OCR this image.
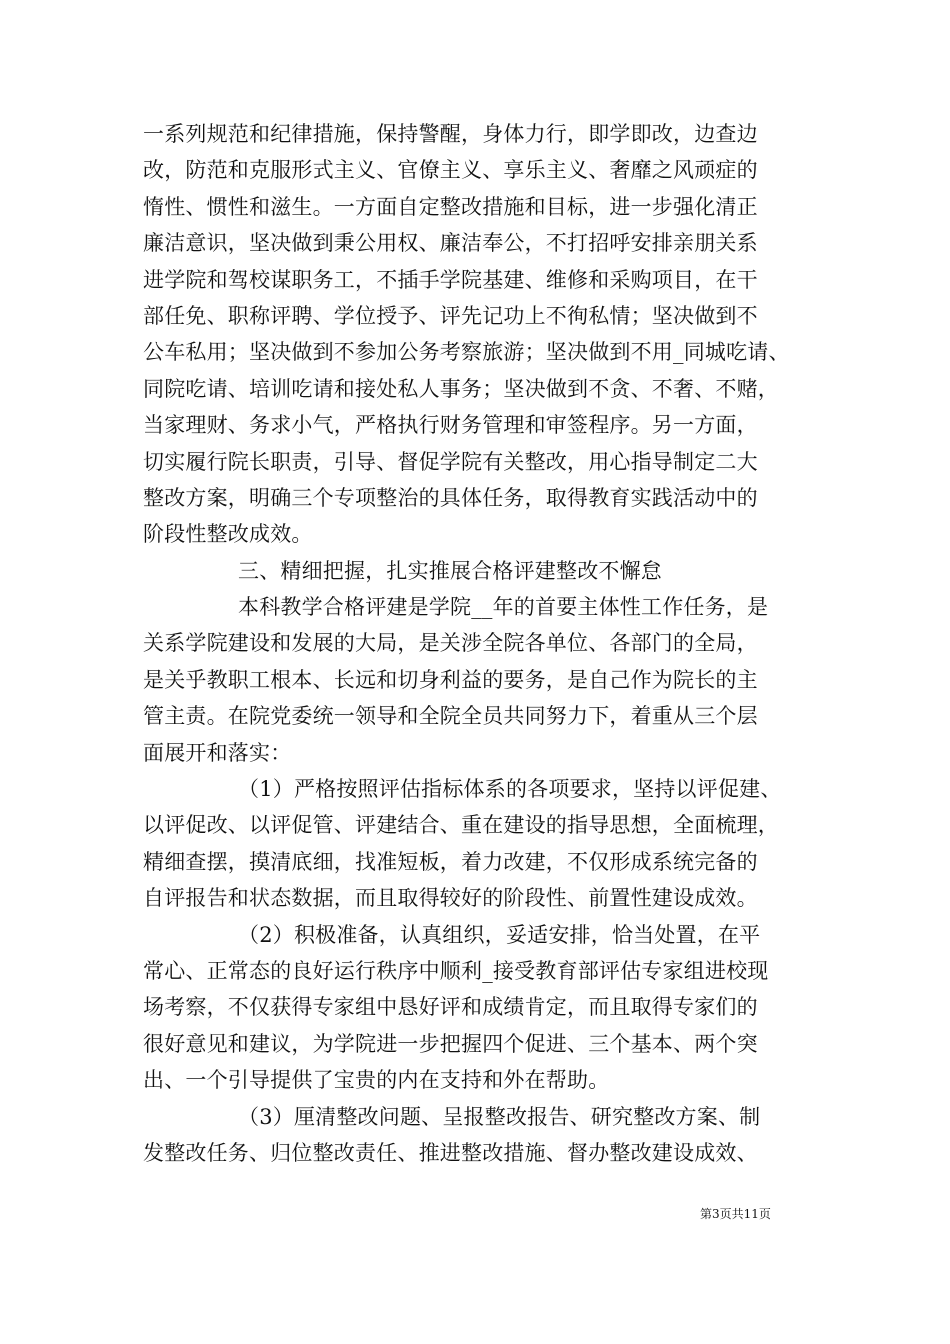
一系列规范和纪律措施，保持警醒，身体力行，即学即改，边查边
改，防范和克服形式主义、官僚主义、享乐主义、奢靡之风顽症的
惰性、惯性和滋生。一方面自定整改措施和目标，进一步强化清正
廉洁意识，坚决做到秉公用权、廉洁奉公，不打招呼安排亲朋关系
进学院和驾校谋职务工，不插手学院基建、维修和采购项目，在干
部任免、职称评聘、学位授予、评先记功上不徇私情；坚决做到不
公车私用；坚决做到不参加公务考察旅游；坚决做到不用_同城吃请、
同院吃请、培训吃请和接处私人事务；坚决做到不贪、不奢、不赌，
当家理财、务求小气，严格执行财务管理和审签程序。另一方面，
切实履行院长职责，引导、督促学院有关整改，用心指导制定二大
整改方案，明确三个专项整治的具体任务，取得教育实践活动中的
阶段性整改成效。
三、精细把握，扎实推展合格评建整改不懈怠
本科教学合格评建是学院__年的首要主体性工作任务，是
关系学院建设和发展的大局，是关涉全院各单位、各部门的全局，
是关乎教职工根本、长远和切身利益的要务，是自己作为院长的主
管主责。在院党委统一领导和全院全员共同努力下，着重从三个层
面展开和落实：
（1）严格按照评估指标体系的各项要求，坚持以评促建、
以评促改、以评促管、评建结合、重在建设的指导思想，全面梳理，
精细查摆，摸清底细，找准短板，着力改建，不仅形成系统完备的
自评报告和状态数据，而且取得较好的阶段性、前置性建设成效。
（2）积极准备，认真组织，妥适安排，恰当处置，在平
常心、正常态的良好运行秩序中顺利_接受教育部评估专家组进校现
场考察，不仅获得专家组中恳好评和成绩肯定，而且取得专家们的
很好意见和建议，为学院进一步把握四个促进、三个基本、两个突
出、一个引导提供了宝贵的内在支持和外在帮助。
（3）厘清整改问题、呈报整改报告、研究整改方案、制
发整改任务、归位整改责任、推进整改措施、督办整改建设成效、
第3页共11页
